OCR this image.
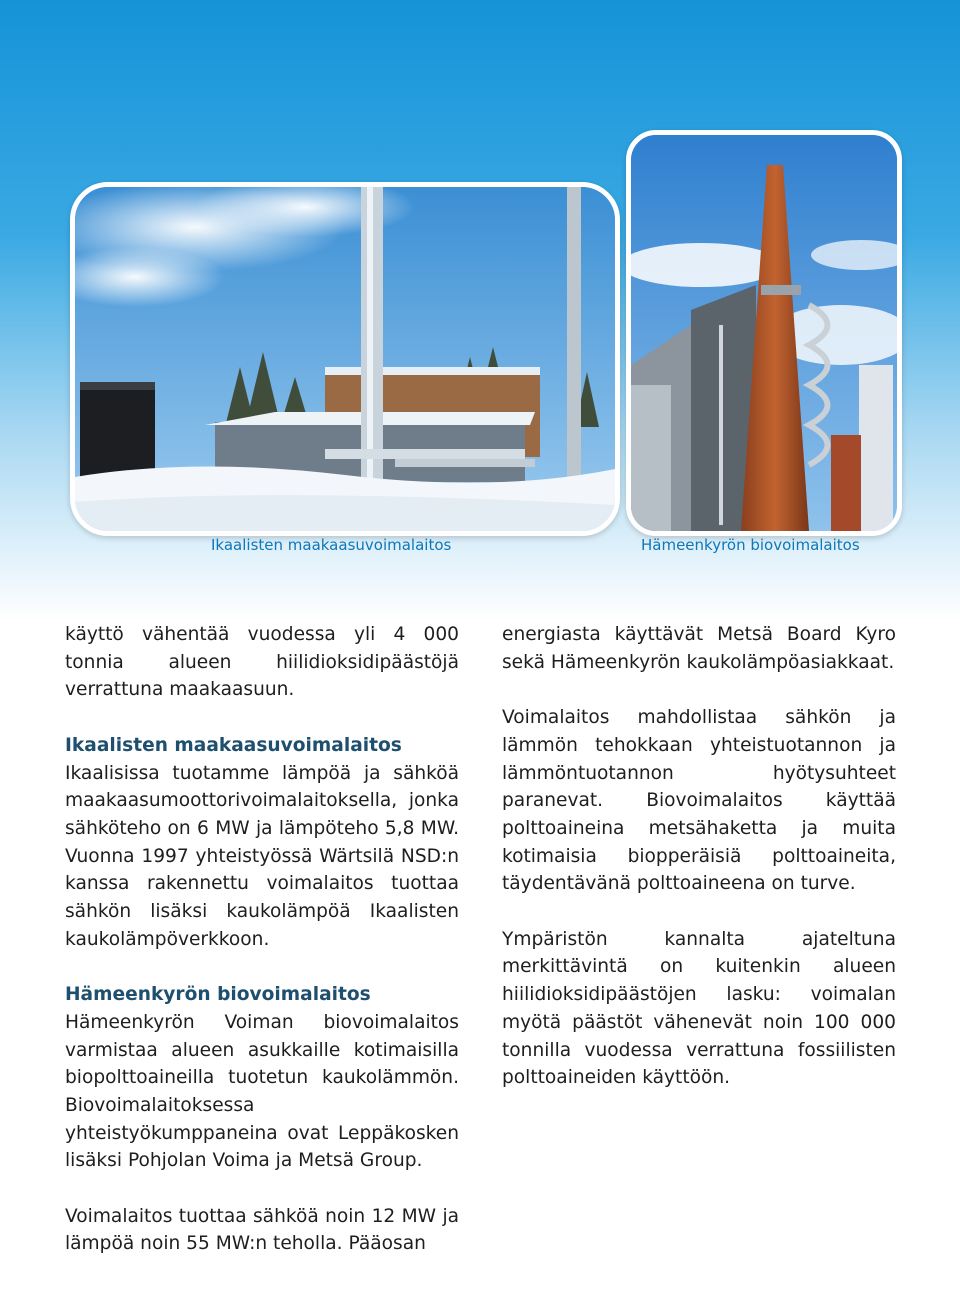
Ikaalisten maakaasuvoimalaitos	Hämeenkyrön biovoimalaitos

käyttö vähentää vuodessa yli 4 000 tonnia alueen hiilidioksidipäästöjä verrattuna maakaasuun.

Ikaalisten maakaasuvoimalaitos

Ikaalisissa tuotamme lämpöä ja sähköä maakaasumoottorivoimalaitoksella, jonka sähköteho on 6 MW ja lämpöteho 5,8 MW. Vuonna 1997 yhteistyössä Wärtsilä NSD:n kanssa rakennettu voimalaitos tuottaa sähkön lisäksi kaukolämpöä Ikaalisten kaukolämpöverkkoon.

Hämeenkyrön biovoimalaitos

Hämeenkyrön Voiman biovoimalaitos varmistaa alueen asukkaille kotimaisilla biopolttoaineilla tuotetun kaukolämmön. Biovoimalaitoksessa yhteistyökumppaneina ovat Leppäkosken lisäksi Pohjolan Voima ja Metsä Group.

Voimalaitos tuottaa sähköä noin 12 MW ja lämpöä noin 55 MW:n teholla. Pääosan

energiasta käyttävät Metsä Board Kyro sekä Hämeenkyrön kaukolämpöasiakkaat.

Voimalaitos mahdollistaa sähkön ja lämmön tehokkaan yhteistuotannon ja lämmöntuotannon hyötysuhteet paranevat. Biovoimalaitos käyttää polttoaineina metsähaketta ja muita kotimaisia biopperäisiä polttoaineita, täydentävänä polttoaineena on turve.

Ympäristön kannalta ajateltuna merkittävintä on kuitenkin alueen hiilidioksidipäästöjen lasku: voimalan myötä päästöt vähenevät noin 100 000 tonnilla vuodessa verrattuna fossiilisten polttoaineiden käyttöön.
